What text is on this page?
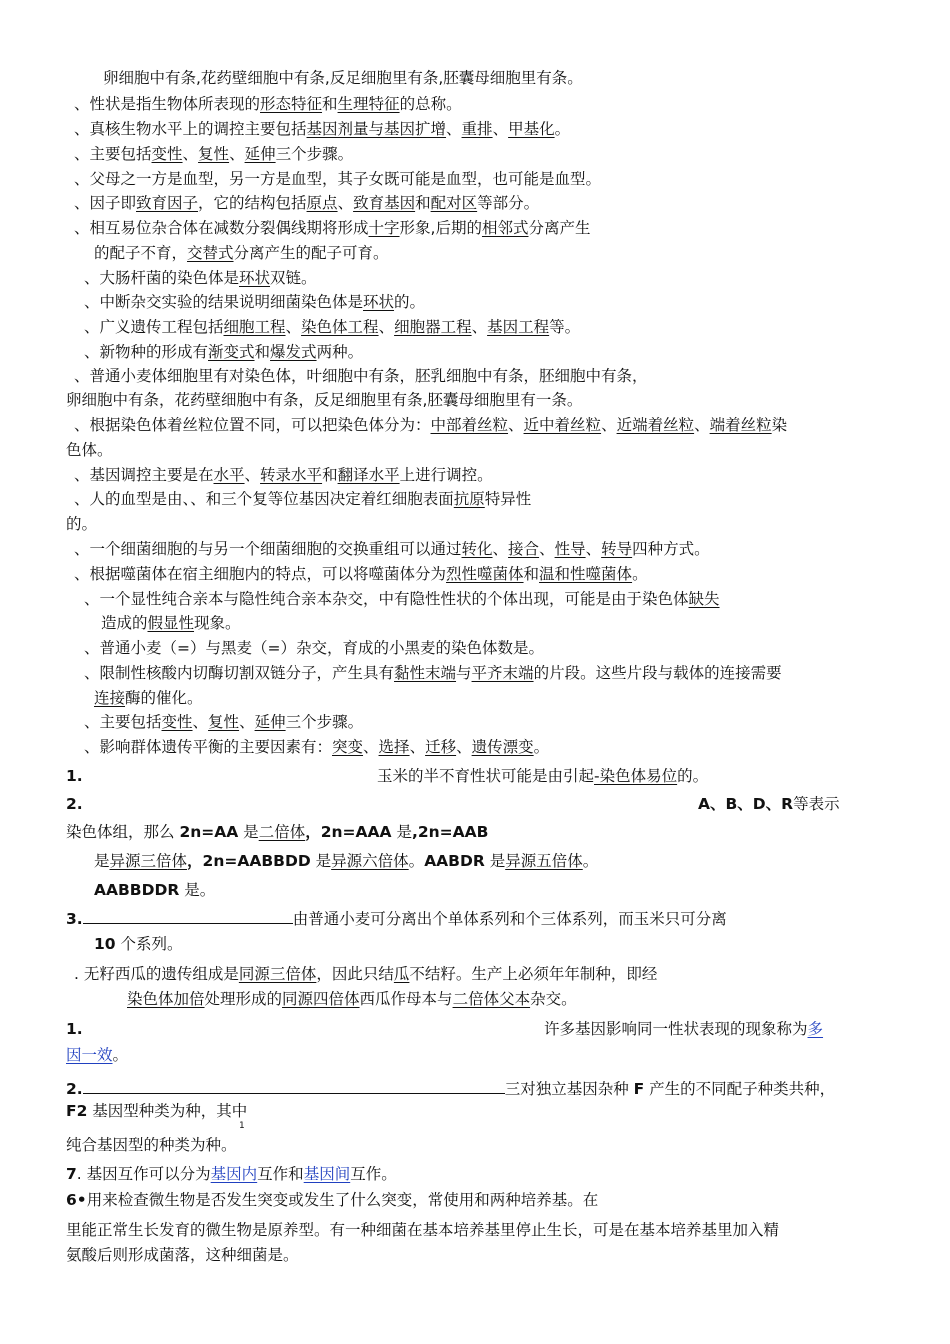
卵细胞中有条,花药壁细胞中有条,反足细胞里有条,胚囊母细胞里有条。
、性状是指生物体所表现的形态特征和生理特征的总称。
、真核生物水平上的调控主要包括基因剂量与基因扩增、重排、甲基化。
、主要包括变性、复性、延伸三个步骤。
、父母之一方是血型，另一方是血型，其子女既可能是血型，也可能是血型。
、因子即致育因子，它的结构包括原点、致育基因和配对区等部分。
、相互易位杂合体在减数分裂偶线期将形成十字形象,后期的相邻式分离产生
的配子不育，交替式分离产生的配子可育。
、大肠杆菌的染色体是环状双链。
、中断杂交实验的结果说明细菌染色体是环状的。
、广义遗传工程包括细胞工程、染色体工程、细胞器工程、基因工程等。
、新物种的形成有渐变式和爆发式两种。
、普通小麦体细胞里有对染色体，叶细胞中有条，胚乳细胞中有条，胚细胞中有条，
卵细胞中有条，花药壁细胞中有条，反足细胞里有条,胚囊母细胞里有一条。
、根据染色体着丝粒位置不同，可以把染色体分为：中部着丝粒、近中着丝粒、近端着丝粒、端着丝粒染
色体。
、基因调控主要是在水平、转录水平和翻译水平上进行调控。
、人的血型是由、、和三个复等位基因决定着红细胞表面抗原特异性
的。
、一个细菌细胞的与另一个细菌细胞的交换重组可以通过转化、接合、性导、转导四种方式。
、根据噬菌体在宿主细胞内的特点，可以将噬菌体分为烈性噬菌体和温和性噬菌体。
、一个显性纯合亲本与隐性纯合亲本杂交，中有隐性性状的个体出现，可能是由于染色体缺失
造成的假显性现象。
、普通小麦（=）与黑麦（=）杂交，育成的小黑麦的染色体数是。
、限制性核酸内切酶切割双链分子，产生具有黏性末端与平齐末端的片段。这些片段与载体的连接需要
连接酶的催化。
、主要包括变性、复性、延伸三个步骤。
、影响群体遗传平衡的主要因素有：突变、选择、迁移、遗传漂变。
1.	玉米的半不育性状可能是由引起-染色体易位的。
2.	A、B、D、R等表示
染色体组，那么 2n=AA 是二倍体，2n=AAA 是,2n=AAB
是异源三倍体，2n=AABBDD 是异源六倍体。AABDR 是异源五倍体。
AABBDDR 是。
3.	由普通小麦可分离出个单体系列和个三体系列，而玉米只可分离
10 个系列。
. 无籽西瓜的遗传组成是同源三倍体，因此只结瓜不结籽。生产上必须年年制种，即经
染色体加倍处理形成的同源四倍体西瓜作母本与二倍体父本杂交。
1.	许多基因影响同一性状表现的现象称为多
因一效。
2.	三对独立基因杂种 F 产生的不同配子种类共种，
F2 基因型种类为种，其中
1
纯合基因型的种类为种。
7. 基因互作可以分为基因内互作和基因间互作。
6•用来检查微生物是否发生突变或发生了什么突变，常使用和两种培养基。在
里能正常生长发育的微生物是原养型。有一种细菌在基本培养基里停止生长，可是在基本培养基里加入精
氨酸后则形成菌落，这种细菌是。
